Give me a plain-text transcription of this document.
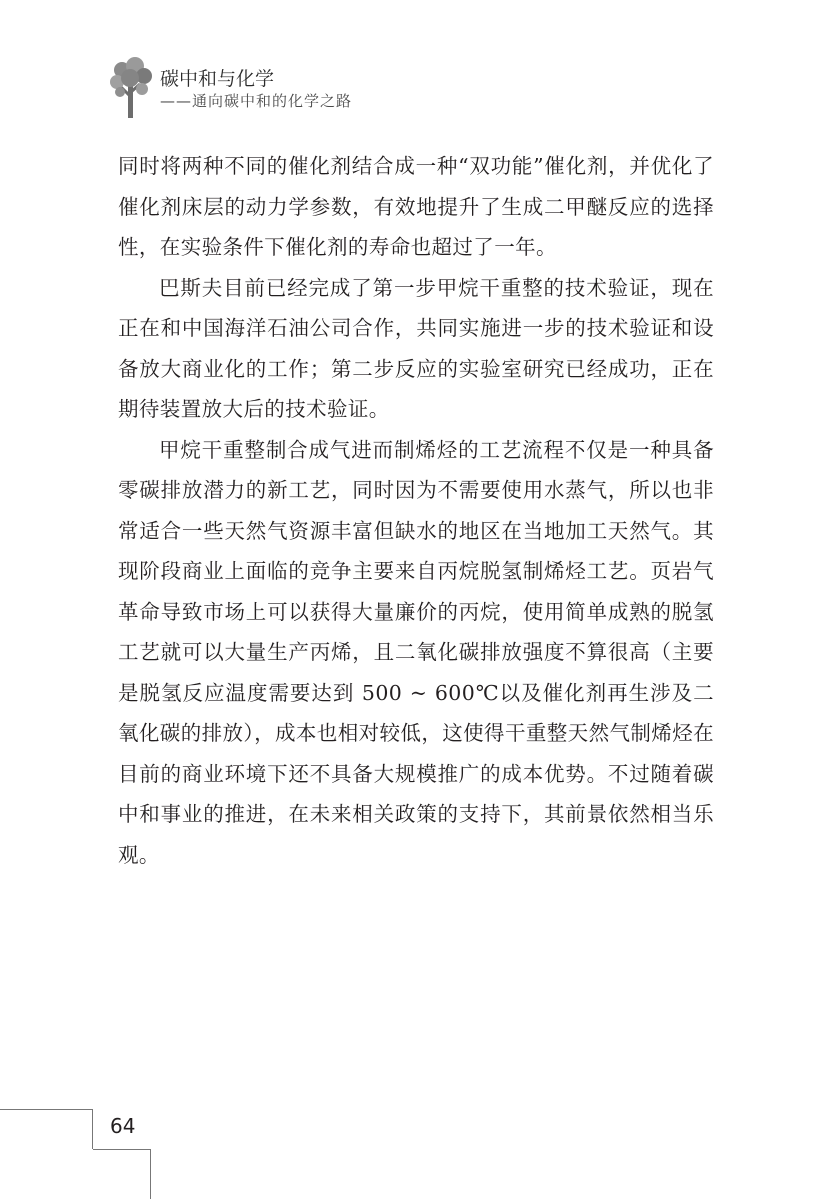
碳中和与化学
——通向碳中和的化学之路

同时将两种不同的催化剂结合成一种“双功能”催化剂，并优化了催化剂床层的动力学参数，有效地提升了生成二甲醚反应的选择性，在实验条件下催化剂的寿命也超过了一年。

巴斯夫目前已经完成了第一步甲烷干重整的技术验证，现在正在和中国海洋石油公司合作，共同实施进一步的技术验证和设备放大商业化的工作；第二步反应的实验室研究已经成功，正在期待装置放大后的技术验证。

甲烷干重整制合成气进而制烯烃的工艺流程不仅是一种具备零碳排放潜力的新工艺，同时因为不需要使用水蒸气，所以也非常适合一些天然气资源丰富但缺水的地区在当地加工天然气。其现阶段商业上面临的竞争主要来自丙烷脱氢制烯烃工艺。页岩气革命导致市场上可以获得大量廉价的丙烷，使用简单成熟的脱氢工艺就可以大量生产丙烯，且二氧化碳排放强度不算很高（主要是脱氢反应温度需要达到 500 ~ 600℃以及催化剂再生涉及二氧化碳的排放），成本也相对较低，这使得干重整天然气制烯烃在目前的商业环境下还不具备大规模推广的成本优势。不过随着碳中和事业的推进，在未来相关政策的支持下，其前景依然相当乐观。

64
